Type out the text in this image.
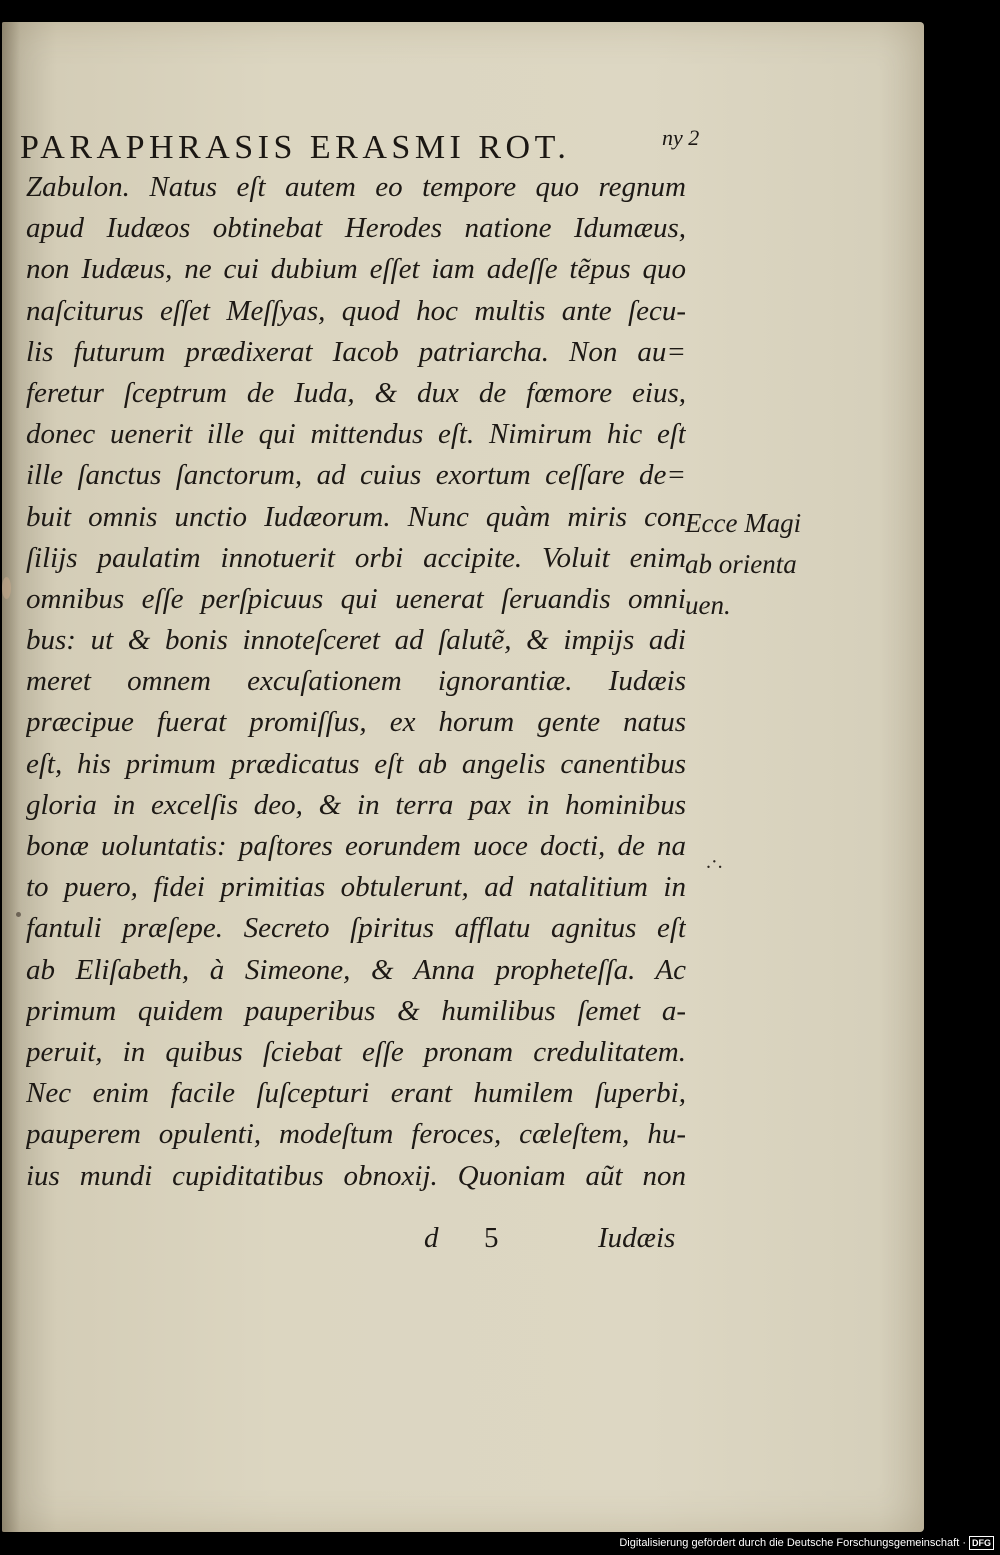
PARAPHRASIS ERASMI ROT.	ny 2
Zabulon. Natus eſt autem eo tempore quo regnum
apud Iudæos obtinebat Herodes natione Idumæus,
non Iudæus, ne cui dubium eſſet iam adeſſe tẽpus quo
naſciturus eſſet Meſſyas, quod hoc multis ante ſecu-
lis futurum prædixerat Iacob patriarcha. Non au=
feretur ſceptrum de Iuda, & dux de fœmore eius,
donec uenerit ille qui mittendus eſt. Nimirum hic eſt
ille ſanctus ſanctorum, ad cuius exortum ceſſare de=
buit omnis unctio Iudæorum. Nunc quàm miris con
ſilijs paulatim innotuerit orbi accipite. Voluit enim
omnibus eſſe perſpicuus qui uenerat ſeruandis omni
bus: ut & bonis innoteſceret ad ſalutẽ, & impijs adi
meret omnem excuſationem ignorantiæ. Iudæis
præcipue fuerat promiſſus, ex horum gente natus
eſt, his primum prædicatus eſt ab angelis canentibus
gloria in excelſis deo, & in terra pax in hominibus
bonæ uoluntatis: paſtores eorundem uoce docti, de na
to puero, fidei primitias obtulerunt, ad natalitium in
fantuli præſepe. Secreto ſpiritus afflatu agnitus eſt
ab Eliſabeth, à Simeone, & Anna propheteſſa. Ac
primum quidem pauperibus & humilibus ſemet a-
peruit, in quibus ſciebat eſſe pronam credulitatem.
Nec enim facile ſuſcepturi erant humilem ſuperbi,
pauperem opulenti, modeſtum feroces, cæleſtem, hu-
ius mundi cupiditatibus obnoxij. Quoniam aũt non
Ecce Magi
ab orienta
uen.
.·.
d 5	Iudæis
Digitalisierung gefördert durch die Deutsche Forschungsgemeinschaft · DFG
